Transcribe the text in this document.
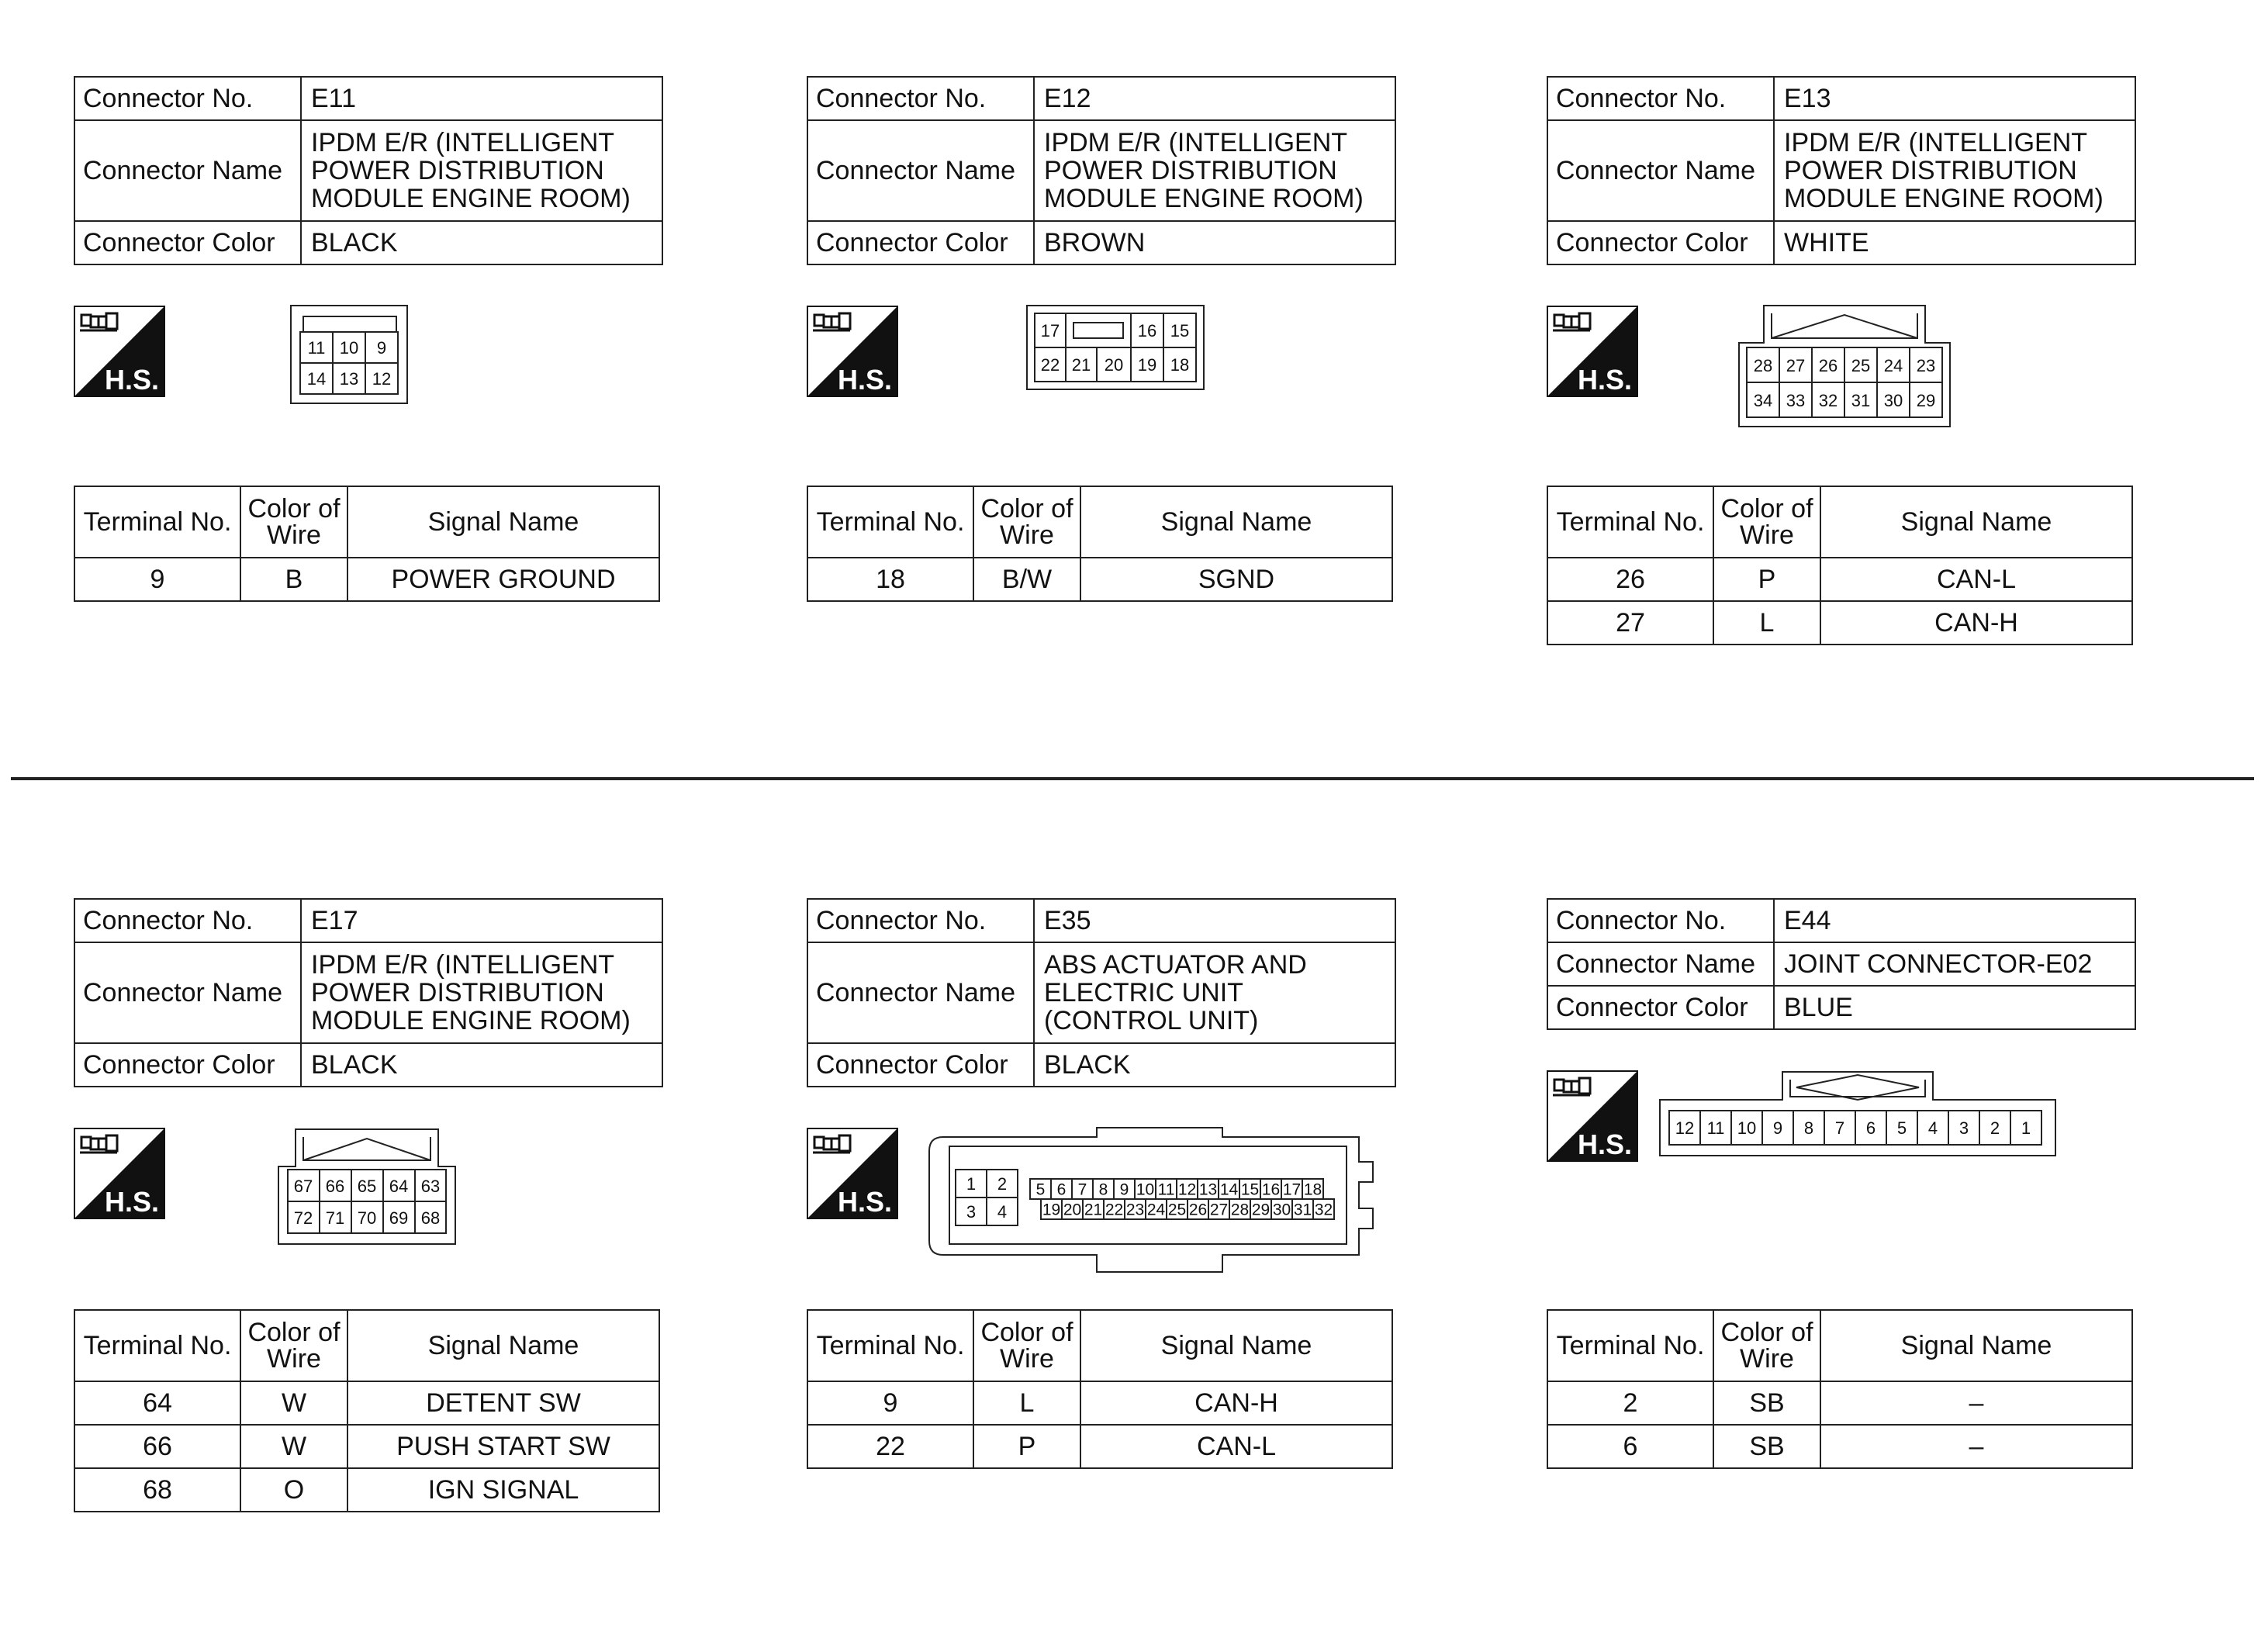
Connector No.	E11
Connector Name	IPDM E/R (INTELLIGENT
POWER DISTRIBUTION
MODULE ENGINE ROOM)

Connector Color	BLACK
H.S.
11 10 9
14 13 12
Terminal No.	Color of Wire	Signal Name
9	B	POWER GROUND
Connector No.	E12
Connector Name	IPDM E/R (INTELLIGENT
POWER DISTRIBUTION
MODULE ENGINE ROOM)

Connector Color	BROWN
H.S.
17	16 15
22 21 20 19 18
Terminal No.	Color of Wire	Signal Name
18	B/W	SGND
Connector No.	E13
Connector Name	IPDM E/R (INTELLIGENT
POWER DISTRIBUTION
MODULE ENGINE ROOM)

Connector Color	WHITE
H.S.	28 27 26 25 24 23
34 33 32 31 30 29
Terminal No.	Color of Wire	Signal Name
26	P	CAN-L
27	L	CAN-H
Connector No.	E17
Connector Name	IPDM E/R (INTELLIGENT
POWER DISTRIBUTION
MODULE ENGINE ROOM)

Connector Color	BLACK
H.S.	67 66 65 64 63
72 71 70 69 68
Terminal No.	Color of Wire	Signal Name
64	W	DETENT SW
66	W	PUSH START SW
68	O	IGN SIGNAL
Connector No.	E35
Connector Name	ABS ACTUATOR AND
ELECTRIC UNIT
(CONTROL UNIT)

Connector Color	BLACK
H.S.
1 2
3 4
5 6 7 8 9 10 11 12 13 14 15 16 17 18
19 20 21 22 23 24 25 26 27 28 29 30 31 32
Terminal No.	Color of Wire	Signal Name
9	L	CAN-H
22	P	CAN-L
Connector No.	E44
Connector Name	JOINT CONNECTOR-E02
Connector Color	BLUE
H.S.
12 11 10 9 8 7 6 5 4 3 2 1
Terminal No.	Color of Wire	Signal Name
2	SB	–
6	SB	–
